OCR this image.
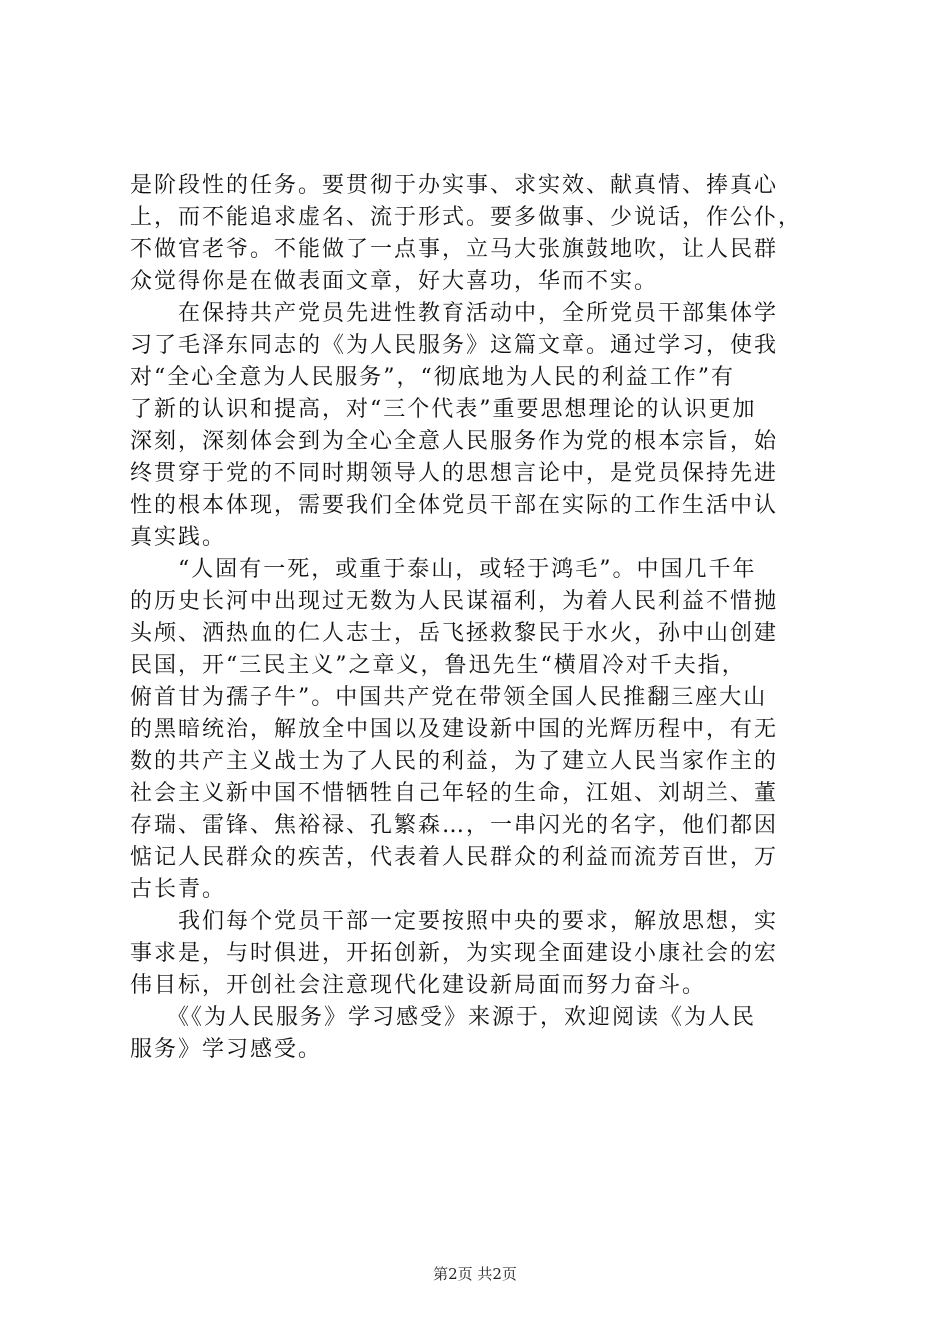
是阶段性的任务。要贯彻于办实事、求实效、献真情、捧真心
上，而不能追求虚名、流于形式。要多做事、少说话，作公仆，
不做官老爷。不能做了一点事，立马大张旗鼓地吹，让人民群
众觉得你是在做表面文章，好大喜功，华而不实。
　　在保持共产党员先进性教育活动中，全所党员干部集体学
习了毛泽东同志的《为人民服务》这篇文章。通过学习，使我
对“全心全意为人民服务”，“彻底地为人民的利益工作”有
了新的认识和提高，对“三个代表”重要思想理论的认识更加
深刻，深刻体会到为全心全意人民服务作为党的根本宗旨，始
终贯穿于党的不同时期领导人的思想言论中，是党员保持先进
性的根本体现，需要我们全体党员干部在实际的工作生活中认
真实践。
　　“人固有一死，或重于泰山，或轻于鸿毛”。中国几千年
的历史长河中出现过无数为人民谋福利，为着人民利益不惜抛
头颅、洒热血的仁人志士，岳飞拯救黎民于水火，孙中山创建
民国，开“三民主义”之章义，鲁迅先生“横眉冷对千夫指，
俯首甘为孺子牛”。中国共产党在带领全国人民推翻三座大山
的黑暗统治，解放全中国以及建设新中国的光辉历程中，有无
数的共产主义战士为了人民的利益，为了建立人民当家作主的
社会主义新中国不惜牺牲自己年轻的生命，江姐、刘胡兰、董
存瑞、雷锋、焦裕禄、孔繁森…，一串闪光的名字，他们都因
惦记人民群众的疾苦，代表着人民群众的利益而流芳百世，万
古长青。
　　我们每个党员干部一定要按照中央的要求，解放思想，实
事求是，与时俱进，开拓创新，为实现全面建设小康社会的宏
伟目标，开创社会注意现代化建设新局面而努力奋斗。
　　《《为人民服务》学习感受》来源于，欢迎阅读《为人民
服务》学习感受。
第2页 共2页
